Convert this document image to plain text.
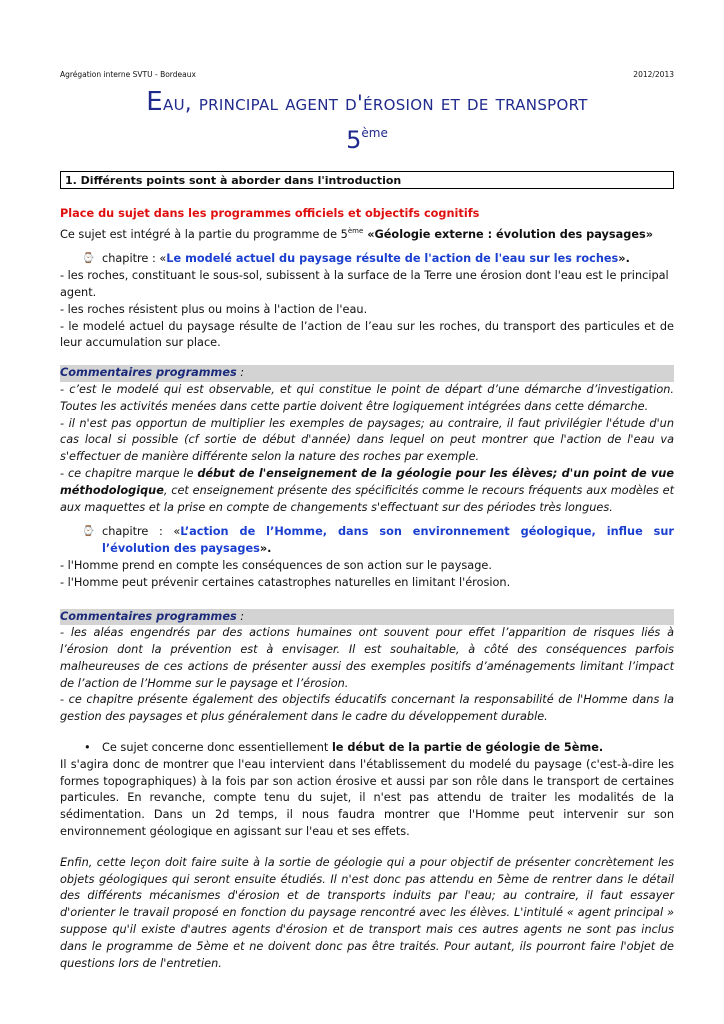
Agrégation interne SVTU - Bordeaux	2012/2013
Eau, principal agent d'érosion et de transport
5ème
1. Différents points sont à aborder dans l'introduction

Place du sujet dans les programmes officiels et objectifs cognitifs

Ce sujet est intégré à la partie du programme de 5ème «Géologie externe : évolution des paysages»

⌚ chapitre : «Le modelé actuel du paysage résulte de l'action de l'eau sur les roches».

- les roches, constituant le sous-sol, subissent à la surface de la Terre une érosion dont l'eau est le principal agent.

- les roches résistent plus ou moins à l'action de l'eau.

- le modelé actuel du paysage résulte de l’action de l’eau sur les roches, du transport des particules et de leur accumulation sur place.

Commentaires programmes :

- c’est le modelé qui est observable, et qui constitue le point de départ d’une démarche d’investigation. Toutes les activités menées dans cette partie doivent être logiquement intégrées dans cette démarche.

- il n'est pas opportun de multiplier les exemples de paysages; au contraire, il faut privilégier l'étude d'un cas local si possible (cf sortie de début d'année) dans lequel on peut montrer que l'action de l'eau va s'effectuer de manière différente selon la nature des roches par exemple.

- ce chapitre marque le début de l'enseignement de la géologie pour les élèves; d'un point de vue méthodologique, cet enseignement présente des spécificités comme le recours fréquents aux modèles et aux maquettes et la prise en compte de changements s'effectuant sur des périodes très longues.

⌚ chapitre : «L’action de l’Homme, dans son environnement géologique, influe sur l’évolution des paysages».

- l'Homme prend en compte les conséquences de son action sur le paysage.

- l'Homme peut prévenir certaines catastrophes naturelles en limitant l'érosion.

Commentaires programmes :

- les aléas engendrés par des actions humaines ont souvent pour effet l’apparition de risques liés à l’érosion dont la prévention est à envisager. Il est souhaitable, à côté des conséquences parfois malheureuses de ces actions de présenter aussi des exemples positifs d’aménagements limitant l’impact de l’action de l’Homme sur le paysage et l’érosion.

- ce chapitre présente également des objectifs éducatifs concernant la responsabilité de l'Homme dans la gestion des paysages et plus généralement dans le cadre du développement durable.

• Ce sujet concerne donc essentiellement le début de la partie de géologie de 5ème.

Il s'agira donc de montrer que l'eau intervient dans l'établissement du modelé du paysage (c'est-à-dire les formes topographiques) à la fois par son action érosive et aussi par son rôle dans le transport de certaines particules. En revanche, compte tenu du sujet, il n'est pas attendu de traiter les modalités de la sédimentation. Dans un 2d temps, il nous faudra montrer que l'Homme peut intervenir sur son environnement géologique en agissant sur l'eau et ses effets.

Enfin, cette leçon doit faire suite à la sortie de géologie qui a pour objectif de présenter concrètement les objets géologiques qui seront ensuite étudiés. Il n'est donc pas attendu en 5ème de rentrer dans le détail des différents mécanismes d'érosion et de transports induits par l'eau; au contraire, il faut essayer d'orienter le travail proposé en fonction du paysage rencontré avec les élèves. L'intitulé « agent principal » suppose qu'il existe d'autres agents d'érosion et de transport mais ces autres agents ne sont pas inclus dans le programme de 5ème et ne doivent donc pas être traités. Pour autant, ils pourront faire l'objet de questions lors de l'entretien.
